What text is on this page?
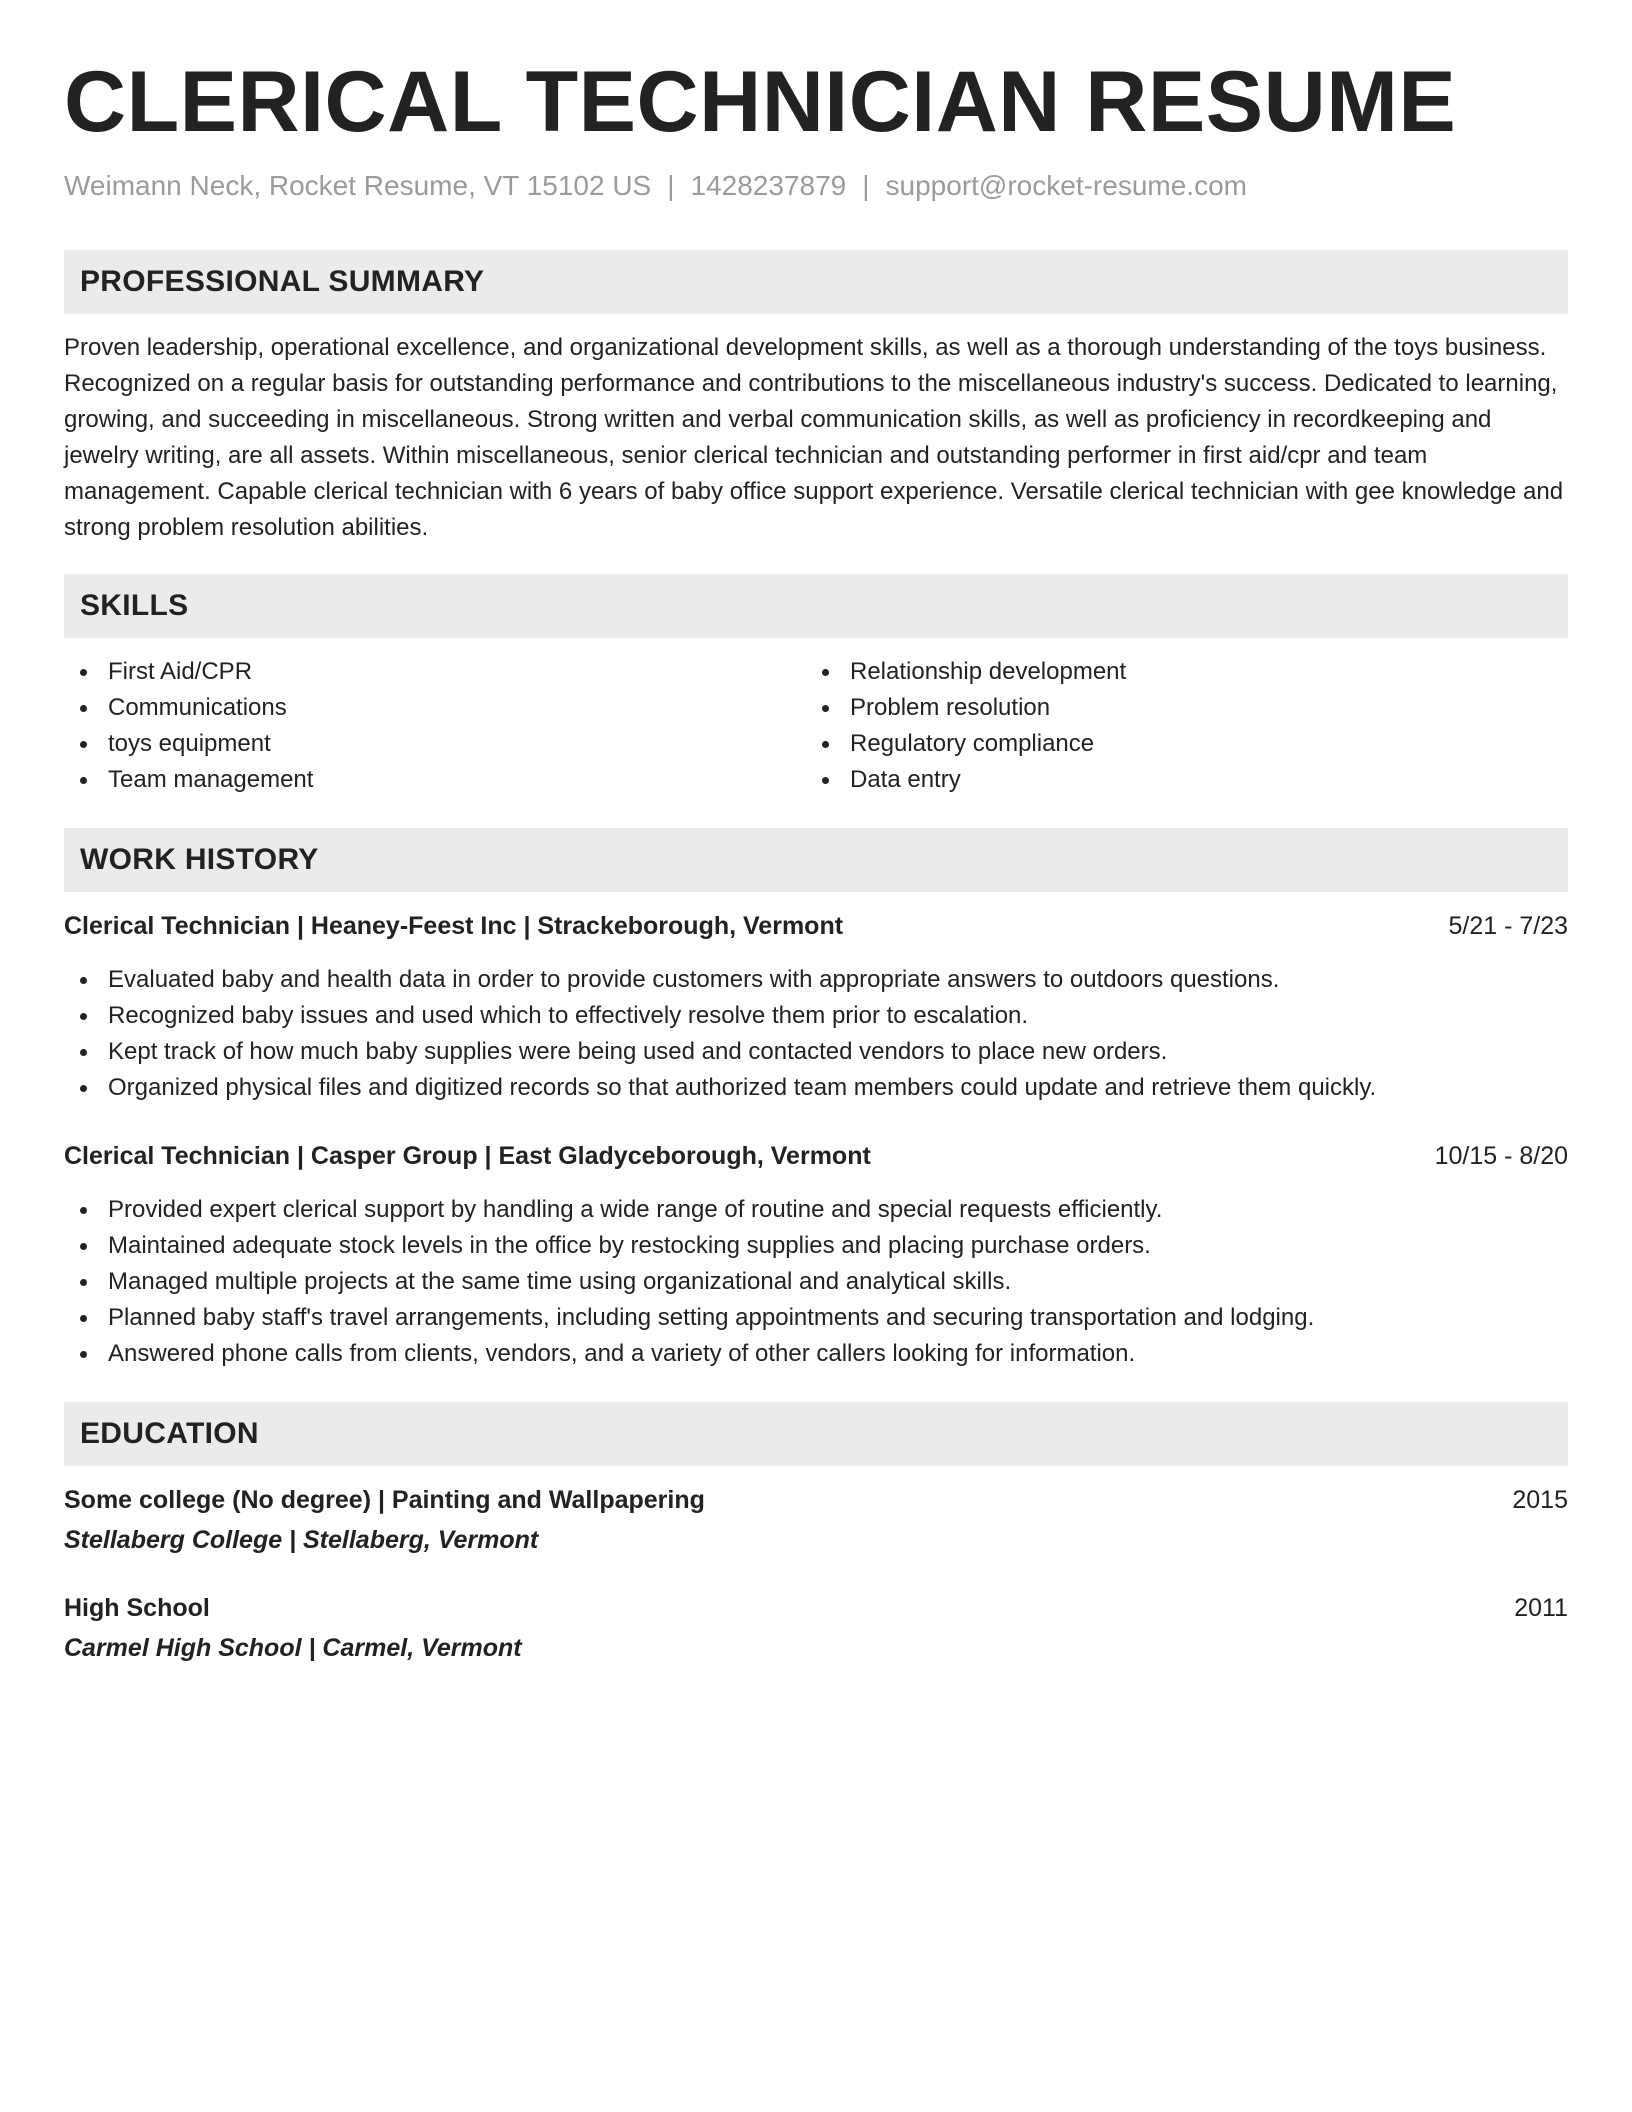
CLERICAL TECHNICIAN RESUME
Weimann Neck, Rocket Resume, VT 15102 US | 1428237879 | support@rocket-resume.com
PROFESSIONAL SUMMARY

Proven leadership, operational excellence, and organizational development skills, as well as a thorough understanding of the toys business. Recognized on a regular basis for outstanding performance and contributions to the miscellaneous industry's success. Dedicated to learning, growing, and succeeding in miscellaneous. Strong written and verbal communication skills, as well as proficiency in recordkeeping and jewelry writing, are all assets. Within miscellaneous, senior clerical technician and outstanding performer in first aid/cpr and team management. Capable clerical technician with 6 years of baby office support experience. Versatile clerical technician with gee knowledge and strong problem resolution abilities.

SKILLS
First Aid/CPR
Communications
toys equipment
Team management
Relationship development
Problem resolution
Regulatory compliance
Data entry
WORK HISTORY
Clerical Technician | Heaney-Feest Inc | Strackeborough, Vermont	5/21 - 7/23
Evaluated baby and health data in order to provide customers with appropriate answers to outdoors questions.
Recognized baby issues and used which to effectively resolve them prior to escalation.
Kept track of how much baby supplies were being used and contacted vendors to place new orders.
Organized physical files and digitized records so that authorized team members could update and retrieve them quickly.
Clerical Technician | Casper Group | East Gladyceborough, Vermont	10/15 - 8/20
Provided expert clerical support by handling a wide range of routine and special requests efficiently.
Maintained adequate stock levels in the office by restocking supplies and placing purchase orders.
Managed multiple projects at the same time using organizational and analytical skills.
Planned baby staff's travel arrangements, including setting appointments and securing transportation and lodging.
Answered phone calls from clients, vendors, and a variety of other callers looking for information.
EDUCATION
Some college (No degree) | Painting and Wallpapering	2015
Stellaberg College | Stellaberg, Vermont
High School	2011
Carmel High School | Carmel, Vermont
